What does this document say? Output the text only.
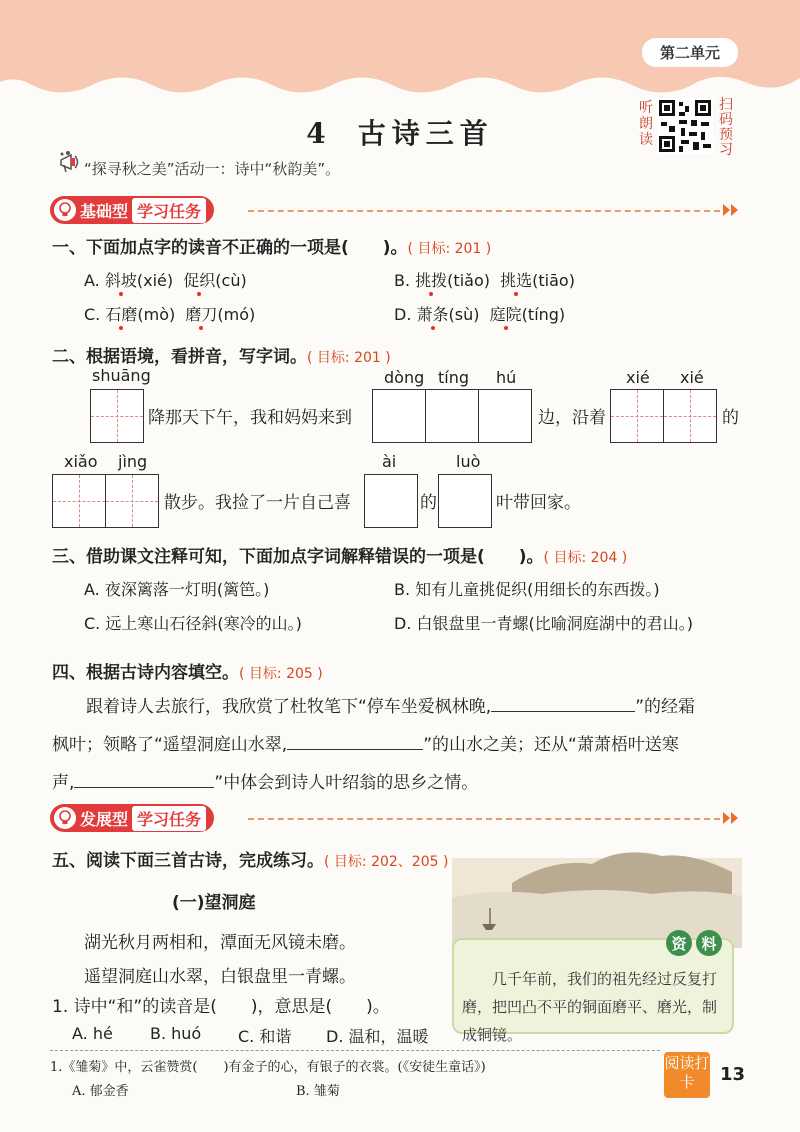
第二单元
4 古诗三首
听朗读
扫码预习
“探寻秋之美”活动一：诗中“秋韵美”。
基础型 学习任务
一、下面加点字的读音不正确的一项是(　　)。( 目标: 201 )
A. 斜坡(xié) 促织(cù)	B. 挑拨(tiǎo) 挑选(tiāo)
C. 石磨(mò) 磨刀(mó)	D. 萧条(sù) 庭院(tíng)
二、根据语境，看拼音，写字词。( 目标: 201 )
shuāng
降那天下午，我和妈妈来到
dòng tíng hú
边，沿着
xié xié
的
xiǎo jìng
散步。我捡了一片自己喜
ài
的
luò
叶带回家。
三、借助课文注释可知，下面加点字词解释错误的一项是(　　)。( 目标: 204 )
A. 夜深篱落一灯明(篱笆。)	B. 知有儿童挑促织(用细长的东西拨。)
C. 远上寒山石径斜(寒冷的山。)	D. 白银盘里一青螺(比喻洞庭湖中的君山。)
四、根据古诗内容填空。( 目标: 205 )
跟着诗人去旅行，我欣赏了杜牧笔下“停车坐爱枫林晚,	”的经霜
枫叶；领略了“遥望洞庭山水翠,	”的山水之美；还从“萧萧梧叶送寒
声,	”中体会到诗人叶绍翁的思乡之情。
发展型 学习任务
五、阅读下面三首古诗，完成练习。( 目标: 202、205 )
(一)望洞庭
湖光秋月两相和，潭面无风镜未磨。
遥望洞庭山水翠，白银盘里一青螺。
1. 诗中“和”的读音是(　　)，意思是(　　)。
A. hé B. huó C. 和谐 D. 温和，温暖
资 料
几千年前，我们的祖先经过反复打磨，把凹凸不平的铜面磨平、磨光，制成铜镜。
1.《雏菊》中，云雀赞赏(　　)有金子的心，有银子的衣裳。(《安徒生童话》)
A. 郁金香	B. 雏菊
阅读打卡	13
